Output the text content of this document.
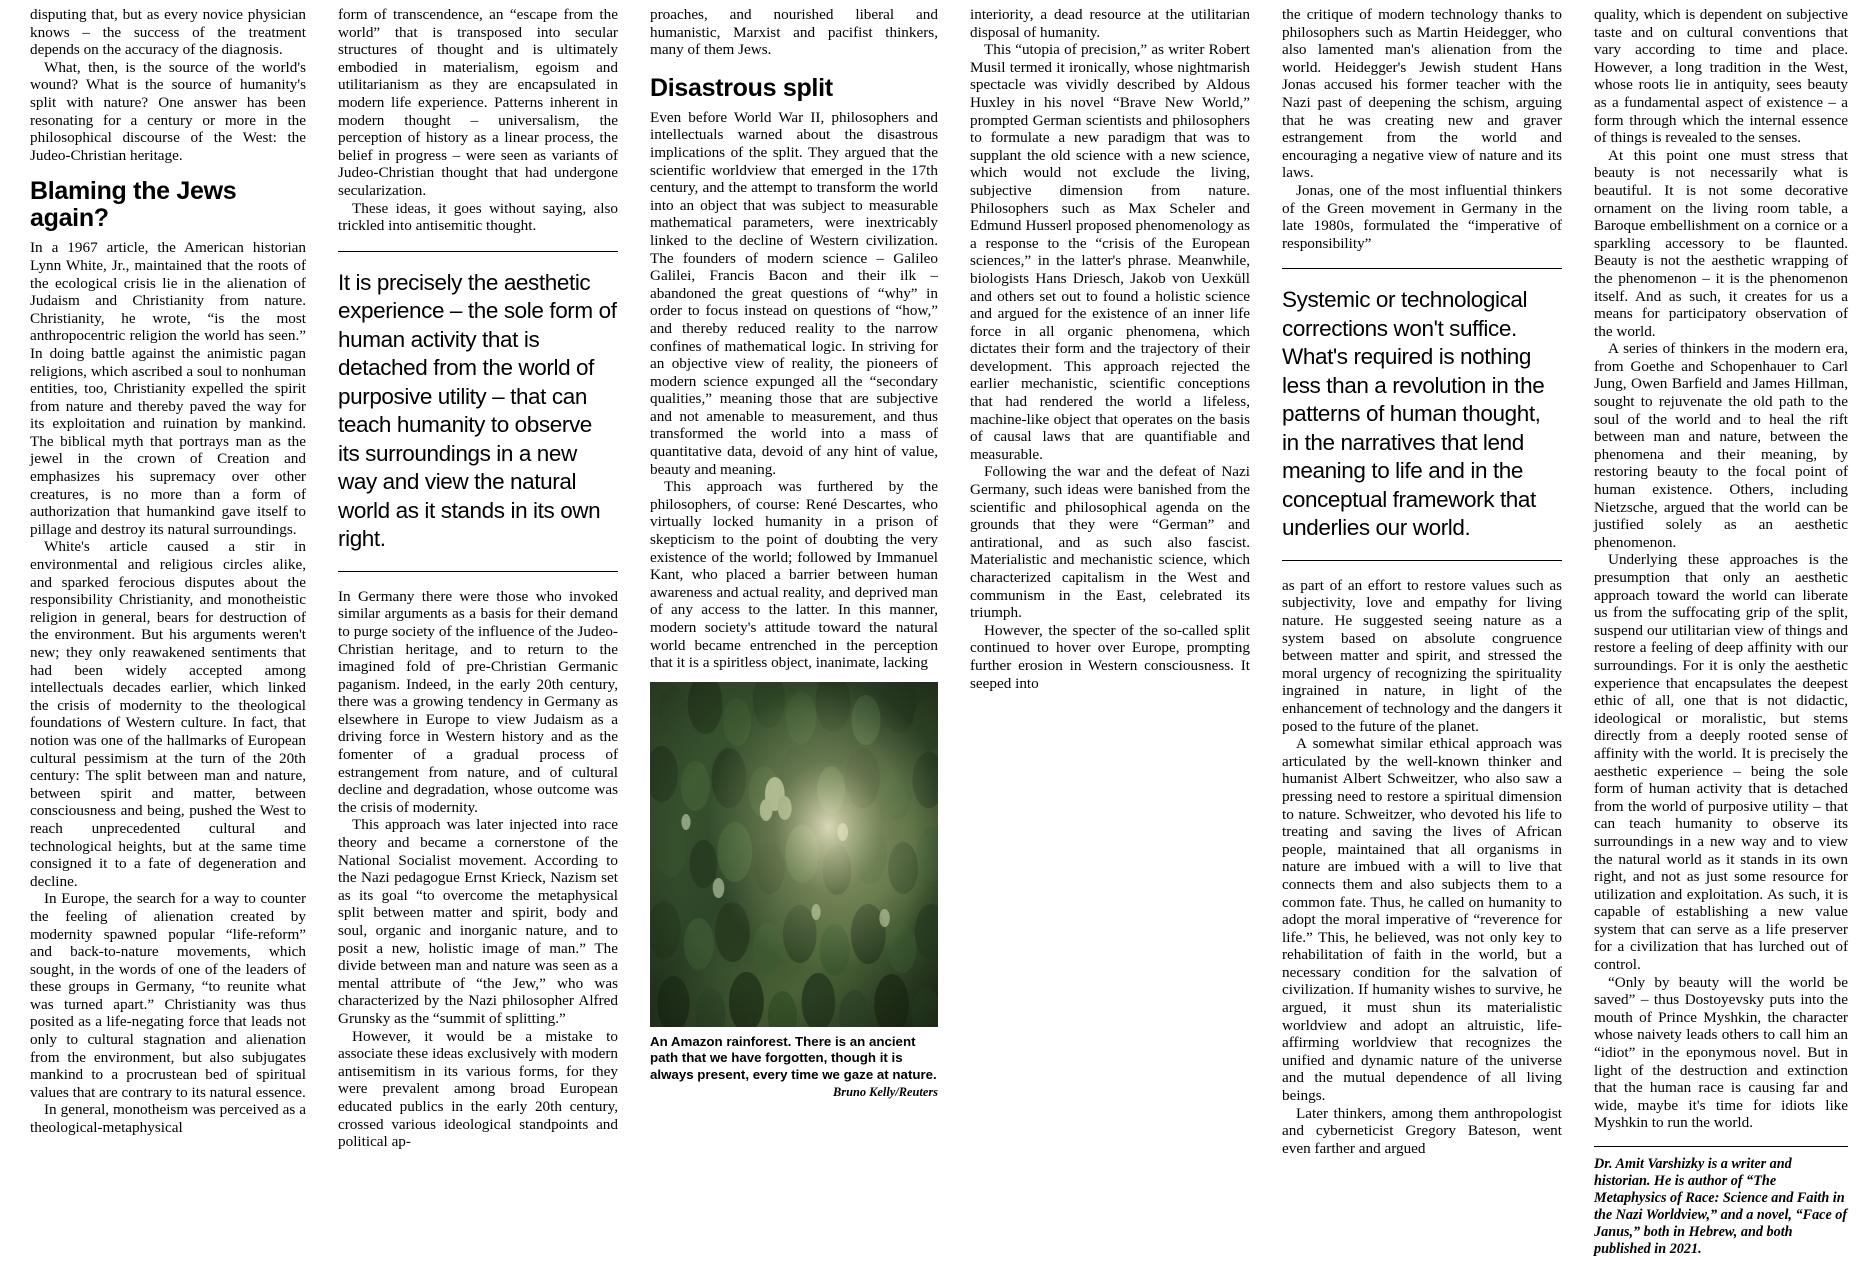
disputing that, but as every novice physician knows – the success of the treatment depends on the accuracy of the diagnosis.

What, then, is the source of the world's wound? What is the source of humanity's split with nature? One answer has been resonating for a century or more in the philosophical discourse of the West: the Judeo-Christian heritage.

Blaming the Jews again?

In a 1967 article, the American historian Lynn White, Jr., maintained that the roots of the ecological crisis lie in the alienation of Judaism and Christianity from nature. Christianity, he wrote, “is the most anthropocentric religion the world has seen.” In doing battle against the animistic pagan religions, which ascribed a soul to nonhuman entities, too, Christianity expelled the spirit from nature and thereby paved the way for its exploitation and ruination by mankind. The biblical myth that portrays man as the jewel in the crown of Creation and emphasizes his supremacy over other creatures, is no more than a form of authorization that humankind gave itself to pillage and destroy its natural surroundings.

White's article caused a stir in environmental and religious circles alike, and sparked ferocious disputes about the responsibility Christianity, and monotheistic religion in general, bears for destruction of the environment. But his arguments weren't new; they only reawakened sentiments that had been widely accepted among intellectuals decades earlier, which linked the crisis of modernity to the theological foundations of Western culture. In fact, that notion was one of the hallmarks of European cultural pessimism at the turn of the 20th century: The split between man and nature, between spirit and matter, between consciousness and being, pushed the West to reach unprecedented cultural and technological heights, but at the same time consigned it to a fate of degeneration and decline.

In Europe, the search for a way to counter the feeling of alienation created by modernity spawned popular “life-reform” and back-to-nature movements, which sought, in the words of one of the leaders of these groups in Germany, “to reunite what was turned apart.” Christianity was thus posited as a life-negating force that leads not only to cultural stagnation and alienation from the environment, but also subjugates mankind to a procrustean bed of spiritual values that are contrary to its natural essence.

In general, monotheism was perceived as a theological-metaphysical

form of transcendence, an “escape from the world” that is transposed into secular structures of thought and is ultimately embodied in materialism, egoism and utilitarianism as they are encapsulated in modern life experience. Patterns inherent in modern thought – universalism, the perception of history as a linear process, the belief in progress – were seen as variants of Judeo-Christian thought that had undergone secularization.

These ideas, it goes without saying, also trickled into antisemitic thought.

It is precisely the aesthetic experience – the sole form of human activity that is detached from the world of purposive utility – that can teach humanity to observe its surroundings in a new way and view the natural world as it stands in its own right.

In Germany there were those who invoked similar arguments as a basis for their demand to purge society of the influence of the Judeo-Christian heritage, and to return to the imagined fold of pre-Christian Germanic paganism. Indeed, in the early 20th century, there was a growing tendency in Germany as elsewhere in Europe to view Judaism as a driving force in Western history and as the fomenter of a gradual process of estrangement from nature, and of cultural decline and degradation, whose outcome was the crisis of modernity.

This approach was later injected into race theory and became a cornerstone of the National Socialist movement. According to the Nazi pedagogue Ernst Krieck, Nazism set as its goal “to overcome the metaphysical split between matter and spirit, body and soul, organic and inorganic nature, and to posit a new, holistic image of man.” The divide between man and nature was seen as a mental attribute of “the Jew,” who was characterized by the Nazi philosopher Alfred Grunsky as the “summit of splitting.”

However, it would be a mistake to associate these ideas exclusively with modern antisemitism in its various forms, for they were prevalent among broad European educated publics in the early 20th century, crossed various ideological standpoints and political ap-

proaches, and nourished liberal and humanistic, Marxist and pacifist thinkers, many of them Jews.

Disastrous split

Even before World War II, philosophers and intellectuals warned about the disastrous implications of the split. They argued that the scientific worldview that emerged in the 17th century, and the attempt to transform the world into an object that was subject to measurable mathematical parameters, were inextricably linked to the decline of Western civilization. The founders of modern science – Galileo Galilei, Francis Bacon and their ilk – abandoned the great questions of “why” in order to focus instead on questions of “how,” and thereby reduced reality to the narrow confines of mathematical logic. In striving for an objective view of reality, the pioneers of modern science expunged all the “secondary qualities,” meaning those that are subjective and not amenable to measurement, and thus transformed the world into a mass of quantitative data, devoid of any hint of value, beauty and meaning.

This approach was furthered by the philosophers, of course: René Descartes, who virtually locked humanity in a prison of skepticism to the point of doubting the very existence of the world; followed by Immanuel Kant, who placed a barrier between human awareness and actual reality, and deprived man of any access to the latter. In this manner, modern society's attitude toward the natural world became entrenched in the perception that it is a spiritless object, inanimate, lacking

An Amazon rainforest. There is an ancient path that we have forgotten, though it is always present, every time we gaze at nature.
Bruno Kelly/Reuters

interiority, a dead resource at the utilitarian disposal of humanity.

This “utopia of precision,” as writer Robert Musil termed it ironically, whose nightmarish spectacle was vividly described by Aldous Huxley in his novel “Brave New World,” prompted German scientists and philosophers to formulate a new paradigm that was to supplant the old science with a new science, which would not exclude the living, subjective dimension from nature. Philosophers such as Max Scheler and Edmund Husserl proposed phenomenology as a response to the “crisis of the European sciences,” in the latter's phrase. Meanwhile, biologists Hans Driesch, Jakob von Uexküll and others set out to found a holistic science and argued for the existence of an inner life force in all organic phenomena, which dictates their form and the trajectory of their development. This approach rejected the earlier mechanistic, scientific conceptions that had rendered the world a lifeless, machine-like object that operates on the basis of causal laws that are quantifiable and measurable.

Following the war and the defeat of Nazi Germany, such ideas were banished from the scientific and philosophical agenda on the grounds that they were “German” and antirational, and as such also fascist. Materialistic and mechanistic science, which characterized capitalism in the West and communism in the East, celebrated its triumph.

However, the specter of the so-called split continued to hover over Europe, prompting further erosion in Western consciousness. It seeped into

the critique of modern technology thanks to philosophers such as Martin Heidegger, who also lamented man's alienation from the world. Heidegger's Jewish student Hans Jonas accused his former teacher with the Nazi past of deepening the schism, arguing that he was creating new and graver estrangement from the world and encouraging a negative view of nature and its laws.

Jonas, one of the most influential thinkers of the Green movement in Germany in the late 1980s, formulated the “imperative of responsibility”

Systemic or technological corrections won't suffice. What's required is nothing less than a revolution in the patterns of human thought, in the narratives that lend meaning to life and in the conceptual framework that underlies our world.

as part of an effort to restore values such as subjectivity, love and empathy for living nature. He suggested seeing nature as a system based on absolute congruence between matter and spirit, and stressed the moral urgency of recognizing the spirituality ingrained in nature, in light of the enhancement of technology and the dangers it posed to the future of the planet.

A somewhat similar ethical approach was articulated by the well-known thinker and humanist Albert Schweitzer, who also saw a pressing need to restore a spiritual dimension to nature. Schweitzer, who devoted his life to treating and saving the lives of African people, maintained that all organisms in nature are imbued with a will to live that connects them and also subjects them to a common fate. Thus, he called on humanity to adopt the moral imperative of “reverence for life.” This, he believed, was not only key to rehabilitation of faith in the world, but a necessary condition for the salvation of civilization. If humanity wishes to survive, he argued, it must shun its materialistic worldview and adopt an altruistic, life-affirming worldview that recognizes the unified and dynamic nature of the universe and the mutual dependence of all living beings.

Later thinkers, among them anthropologist and cyberneticist Gregory Bateson, went even farther and argued

quality, which is dependent on subjective taste and on cultural conventions that vary according to time and place. However, a long tradition in the West, whose roots lie in antiquity, sees beauty as a fundamental aspect of existence – a form through which the internal essence of things is revealed to the senses.

At this point one must stress that beauty is not necessarily what is beautiful. It is not some decorative ornament on the living room table, a Baroque embellishment on a cornice or a sparkling accessory to be flaunted. Beauty is not the aesthetic wrapping of the phenomenon – it is the phenomenon itself. And as such, it creates for us a means for participatory observation of the world.

A series of thinkers in the modern era, from Goethe and Schopenhauer to Carl Jung, Owen Barfield and James Hillman, sought to rejuvenate the old path to the soul of the world and to heal the rift between man and nature, between the phenomena and their meaning, by restoring beauty to the focal point of human existence. Others, including Nietzsche, argued that the world can be justified solely as an aesthetic phenomenon.

Underlying these approaches is the presumption that only an aesthetic approach toward the world can liberate us from the suffocating grip of the split, suspend our utilitarian view of things and restore a feeling of deep affinity with our surroundings. For it is only the aesthetic experience that encapsulates the deepest ethic of all, one that is not didactic, ideological or moralistic, but stems directly from a deeply rooted sense of affinity with the world. It is precisely the aesthetic experience – being the sole form of human activity that is detached from the world of purposive utility – that can teach humanity to observe its surroundings in a new way and to view the natural world as it stands in its own right, and not as just some resource for utilization and exploitation. As such, it is capable of establishing a new value system that can serve as a life preserver for a civilization that has lurched out of control.

“Only by beauty will the world be saved” – thus Dostoyevsky puts into the mouth of Prince Myshkin, the character whose naivety leads others to call him an “idiot” in the eponymous novel. But in light of the destruction and extinction that the human race is causing far and wide, maybe it's time for idiots like Myshkin to run the world.

Dr. Amit Varshizky is a writer and historian. He is author of “The Metaphysics of Race: Science and Faith in the Nazi Worldview,” and a novel, “Face of Janus,” both in Hebrew, and both published in 2021.
